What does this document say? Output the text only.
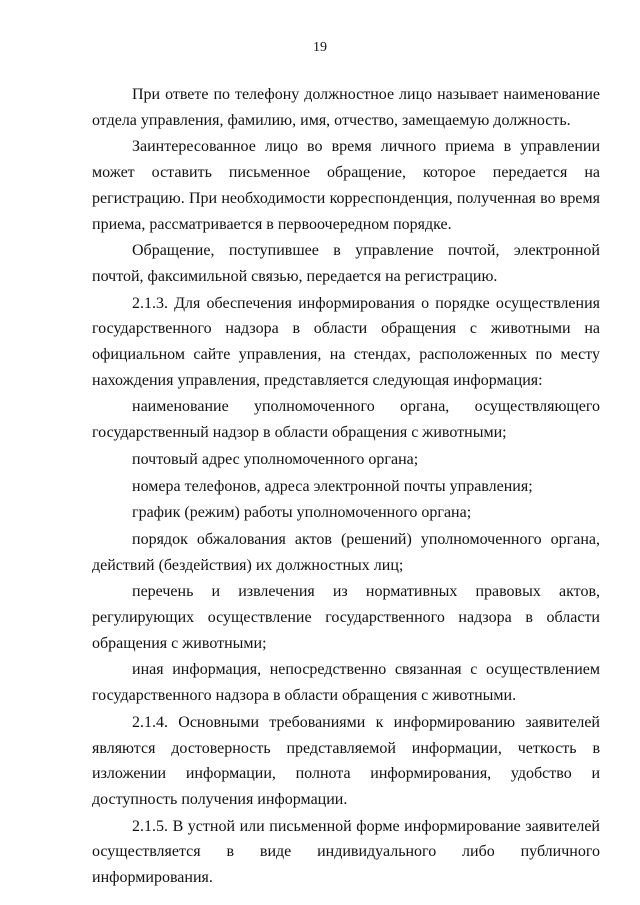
19

При ответе по телефону должностное лицо называет наименование отдела управления, фамилию, имя, отчество, замещаемую должность.

Заинтересованное лицо во время личного приема в управлении может оставить письменное обращение, которое передается на регистрацию. При необходимости корреспонденция, полученная во время приема, рассматривается в первоочередном порядке.

Обращение, поступившее в управление почтой, электронной почтой, факсимильной связью, передается на регистрацию.

2.1.3. Для обеспечения информирования о порядке осуществления государственного надзора в области обращения с животными на официальном сайте управления, на стендах, расположенных по месту нахождения управления, представляется следующая информация:

наименование уполномоченного органа, осуществляющего государственный надзор в области обращения с животными;

почтовый адрес уполномоченного органа;

номера телефонов, адреса электронной почты управления;

график (режим) работы уполномоченного органа;

порядок обжалования актов (решений) уполномоченного органа, действий (бездействия) их должностных лиц;

перечень и извлечения из нормативных правовых актов, регулирующих осуществление государственного надзора в области обращения с животными;

иная информация, непосредственно связанная с осуществлением государственного надзора в области обращения с животными.

2.1.4. Основными требованиями к информированию заявителей являются достоверность представляемой информации, четкость в изложении информации, полнота информирования, удобство и доступность получения информации.

2.1.5. В устной или письменной форме информирование заявителей осуществляется в виде индивидуального либо публичного информирования.
